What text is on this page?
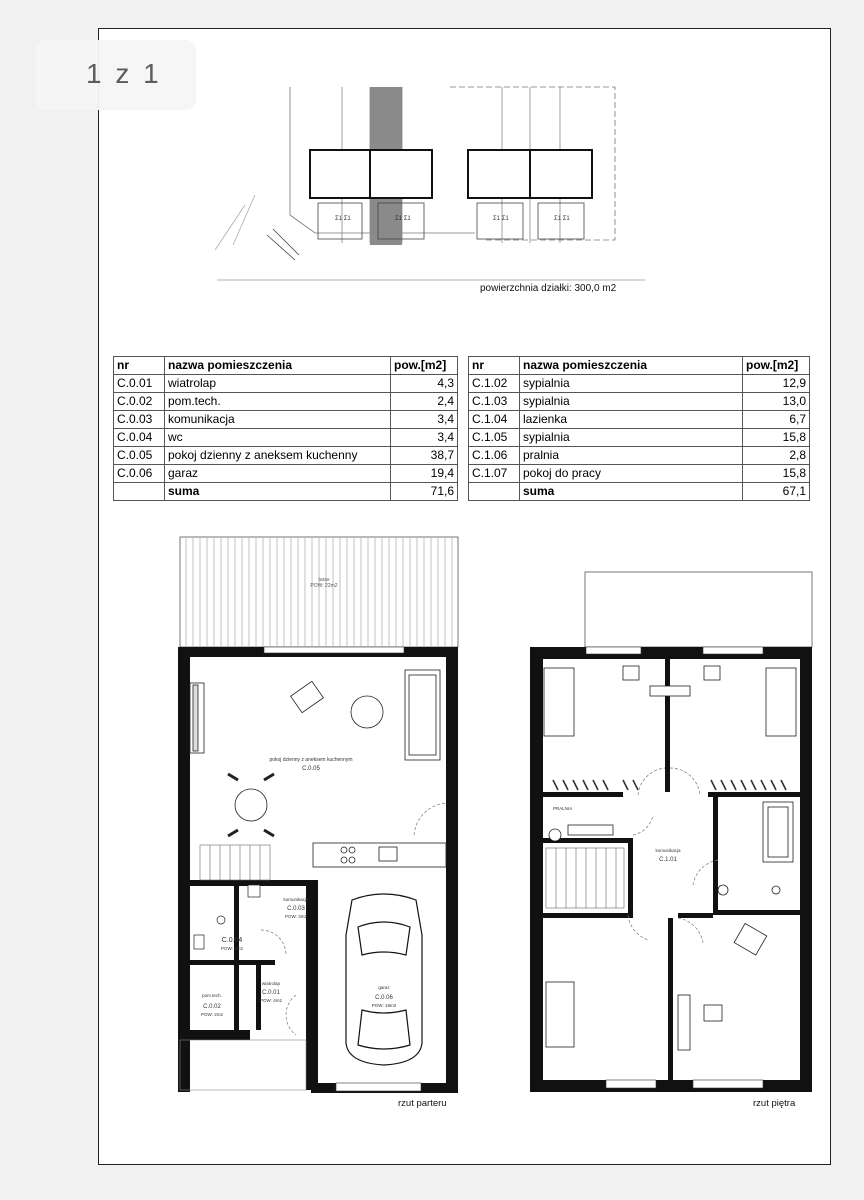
1 z 1
Ʃ1 Ʃ1	Ʃ1 Ʃ1	Ʃ1 Ʃ1	Ʃ1 Ʃ1
powierzchnia działki: 300,0 m2
nr	nazwa pomieszczenia	pow.[m2]
C.0.01	wiatrolap	4,3
C.0.02	pom.tech.	2,4
C.0.03	komunikacja	3,4
C.0.04	wc	3,4
C.0.05	pokoj dzienny z aneksem kuchenny	38,7
C.0.06	garaz	19,4
	suma	71,6
nr	nazwa pomieszczenia	pow.[m2]
C.1.02	sypialnia	12,9
C.1.03	sypialnia	13,0
C.1.04	lazienka	6,7
C.1.05	sypialnia	15,8
C.1.06	pralnia	2,8
C.1.07	pokoj do pracy	15,8
	suma	67,1
taras
POW: 22m2
pokoj dzienny z aneksem kuchennym
C.0.05
komunikacja
C.0.03
POW: 3m2
C.0.04
POW: 3m2
pom.tech.
C.0.02
POW: 2m2
wiatrolap
C.0.01
POW: 4m2
garaz
C.0.06
POW: 19m2
rzut parteru
PRALNIA
komunikacja
C.1.01
rzut piętra
